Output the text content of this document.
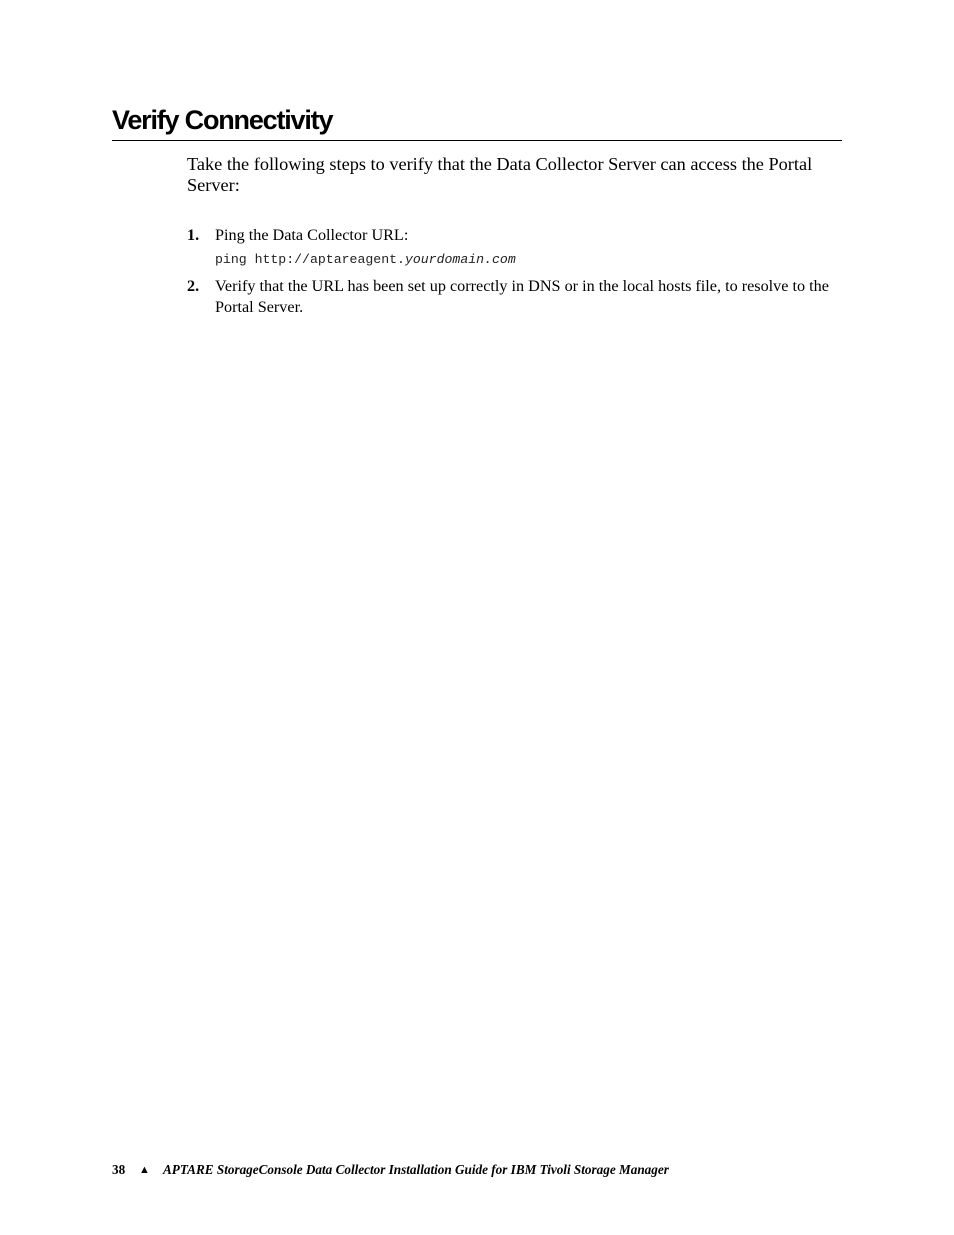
Verify Connectivity

Take the following steps to verify that the Data Collector Server can access the Portal Server:

1. Ping the Data Collector URL:
ping http://aptareagent.yourdomain.com
2. Verify that the URL has been set up correctly in DNS or in the local hosts file, to resolve to the Portal Server.
38	▲ APTARE StorageConsole Data Collector Installation Guide for IBM Tivoli Storage Manager
